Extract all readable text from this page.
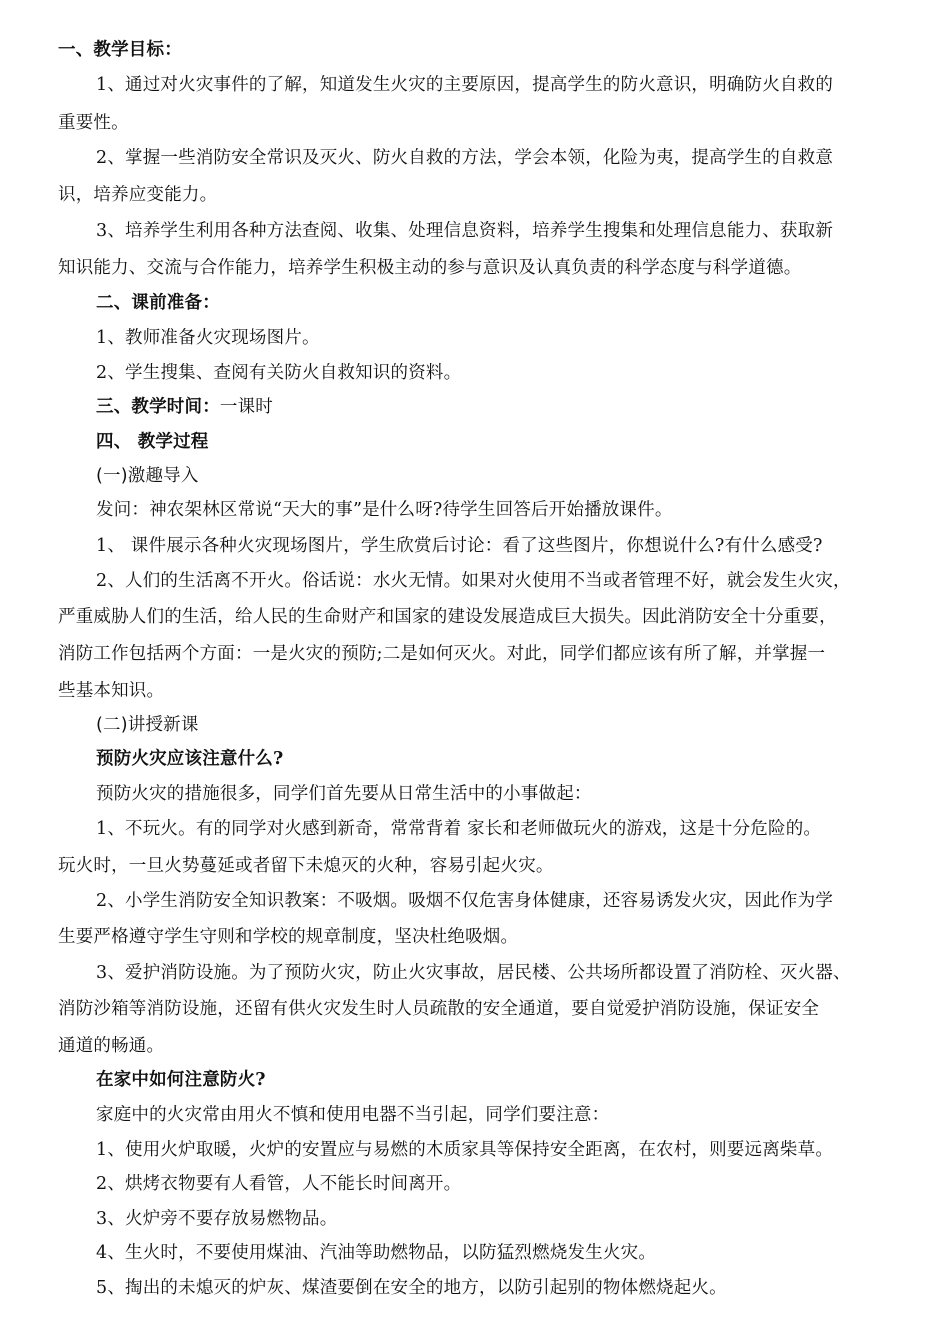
一、教学目标：
1、通过对火灾事件的了解，知道发生火灾的主要原因，提高学生的防火意识，明确防火自救的
重要性。
2、掌握一些消防安全常识及灭火、防火自救的方法，学会本领，化险为夷，提高学生的自救意
识，培养应变能力。
3、培养学生利用各种方法查阅、收集、处理信息资料，培养学生搜集和处理信息能力、获取新
知识能力、交流与合作能力，培养学生积极主动的参与意识及认真负责的科学态度与科学道德。
二、课前准备：
1、教师准备火灾现场图片。
2、学生搜集、查阅有关防火自救知识的资料。
三、教学时间：一课时
四、 教学过程
(一)激趣导入
发问：神农架林区常说“天大的事”是什么呀?待学生回答后开始播放课件。
1、 课件展示各种火灾现场图片，学生欣赏后讨论：看了这些图片，你想说什么?有什么感受?
2、人们的生活离不开火。俗话说：水火无情。如果对火使用不当或者管理不好，就会发生火灾，
严重威胁人们的生活，给人民的生命财产和国家的建设发展造成巨大损失。因此消防安全十分重要，
消防工作包括两个方面：一是火灾的预防;二是如何灭火。对此，同学们都应该有所了解，并掌握一
些基本知识。
(二)讲授新课
预防火灾应该注意什么?
预防火灾的措施很多，同学们首先要从日常生活中的小事做起：
1、不玩火。有的同学对火感到新奇，常常背着 家长和老师做玩火的游戏，这是十分危险的。
玩火时，一旦火势蔓延或者留下未熄灭的火种，容易引起火灾。
2、小学生消防安全知识教案：不吸烟。吸烟不仅危害身体健康，还容易诱发火灾，因此作为学
生要严格遵守学生守则和学校的规章制度，坚决杜绝吸烟。
3、爱护消防设施。为了预防火灾，防止火灾事故，居民楼、公共场所都设置了消防栓、灭火器、
消防沙箱等消防设施，还留有供火灾发生时人员疏散的安全通道，要自觉爱护消防设施，保证安全
通道的畅通。
在家中如何注意防火?
家庭中的火灾常由用火不慎和使用电器不当引起，同学们要注意：
1、使用火炉取暖，火炉的安置应与易燃的木质家具等保持安全距离，在农村，则要远离柴草。
2、烘烤衣物要有人看管，人不能长时间离开。
3、火炉旁不要存放易燃物品。
4、生火时，不要使用煤油、汽油等助燃物品，以防猛烈燃烧发生火灾。
5、掏出的未熄灭的炉灰、煤渣要倒在安全的地方，以防引起别的物体燃烧起火。
